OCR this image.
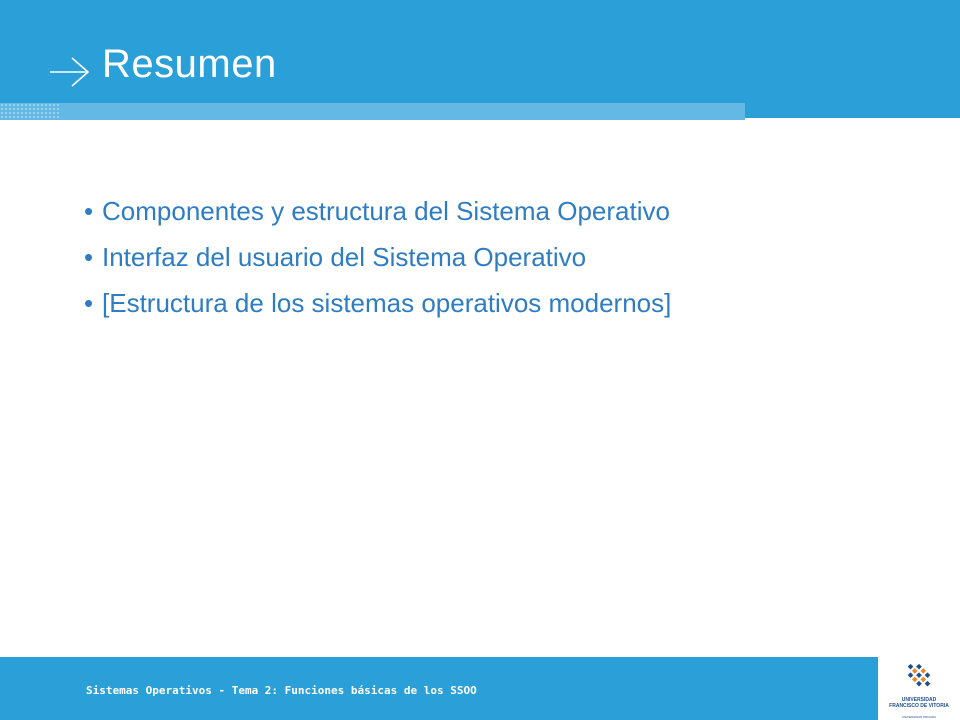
Resumen
• Componentes y estructura del Sistema Operativo
• Interfaz del usuario del Sistema Operativo
• [Estructura de los sistemas operativos modernos]
Sistemas Operativos - Tema 2: Funciones básicas de los SSOO
UNIVERSIDAD
FRANCISCO DE VITORIA
UNIVERSIDAD PRIVADA
